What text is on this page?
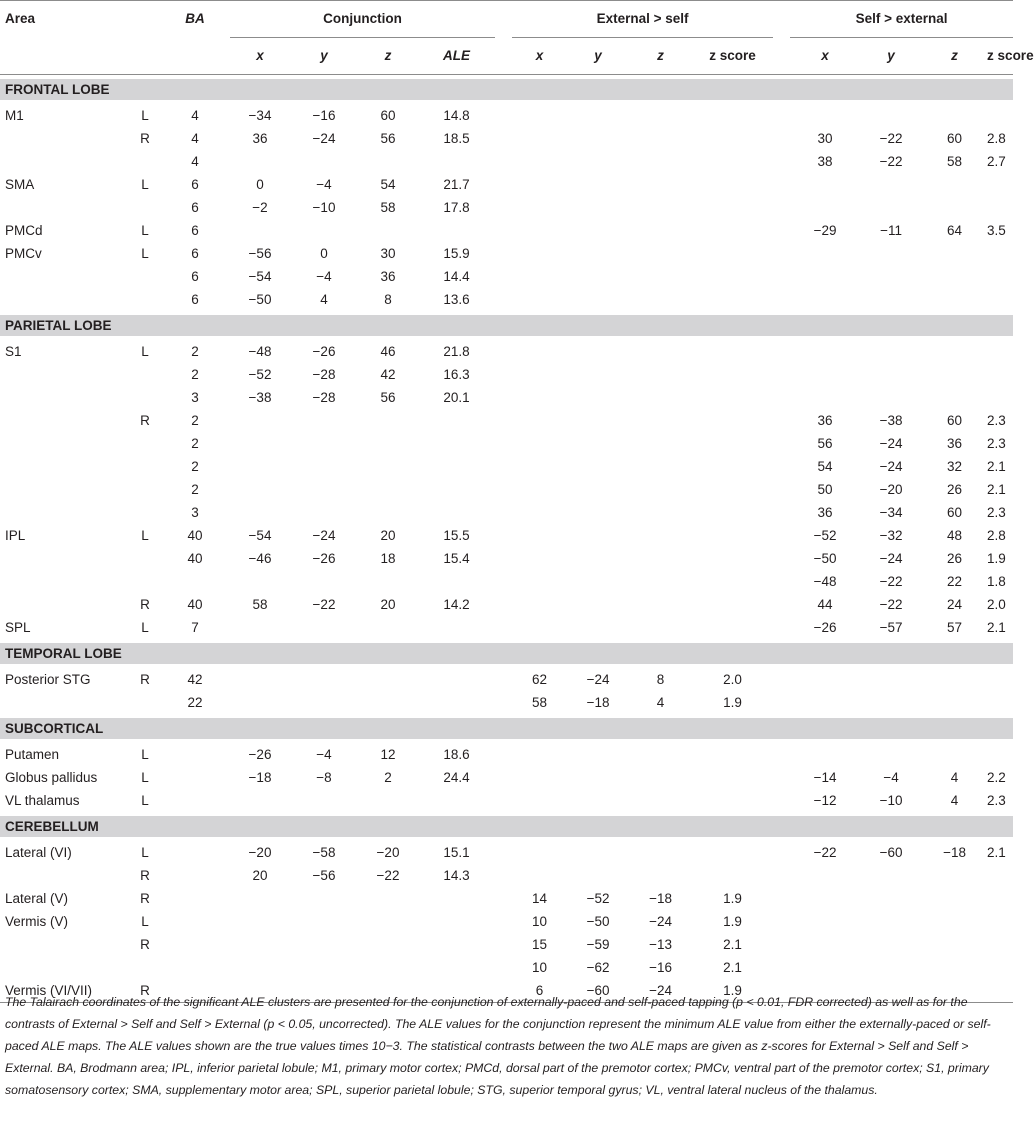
Area		BA	Conjunction					External > self					Self > external			
			x	y	z	ALE		x	y	z	z score		x	y	z	z score

FRONTAL LOBE																

M1	L	4	−34	−16	60	14.8										
	R	4	36	−24	56	18.5							30	−22	60	2.8
		4											38	−22	58	2.7
SMA	L	6	0	−4	54	21.7										
		6	−2	−10	58	17.8										
PMCd	L	6											−29	−11	64	3.5
PMCv	L	6	−56	0	30	15.9										
		6	−54	−4	36	14.4										
		6	−50	4	8	13.6										

PARIETAL LOBE																

S1	L	2	−48	−26	46	21.8										
		2	−52	−28	42	16.3										
		3	−38	−28	56	20.1										
	R	2											36	−38	60	2.3
		2											56	−24	36	2.3
		2											54	−24	32	2.1
		2											50	−20	26	2.1
		3											36	−34	60	2.3
IPL	L	40	−54	−24	20	15.5							−52	−32	48	2.8
		40	−46	−26	18	15.4							−50	−24	26	1.9
													−48	−22	22	1.8
	R	40	58	−22	20	14.2							44	−22	24	2.0
SPL	L	7											−26	−57	57	2.1

TEMPORAL LOBE																

Posterior STG	R	42						62	−24	8	2.0					
		22						58	−18	4	1.9					

SUBCORTICAL																

Putamen	L		−26	−4	12	18.6										
Globus pallidus	L		−18	−8	2	24.4							−14	−4	4	2.2
VL thalamus	L												−12	−10	4	2.3

CEREBELLUM																

Lateral (VI)	L		−20	−58	−20	15.1							−22	−60	−18	2.1
	R		20	−56	−22	14.3										
Lateral (V)	R							14	−52	−18	1.9					
Vermis (V)	L							10	−50	−24	1.9					
	R							15	−59	−13	2.1					
								10	−62	−16	2.1					
Vermis (VI/VII)	R							6	−60	−24	1.9					
The Talairach coordinates of the significant ALE clusters are presented for the conjunction of externally-paced and self-paced tapping (p < 0.01, FDR corrected) as well as for the contrasts of External > Self and Self > External (p < 0.05, uncorrected). The ALE values for the conjunction represent the minimum ALE value from either the externally-paced or self-paced ALE maps. The ALE values shown are the true values times 10−3. The statistical contrasts between the two ALE maps are given as z-scores for External > Self and Self > External. BA, Brodmann area; IPL, inferior parietal lobule; M1, primary motor cortex; PMCd, dorsal part of the premotor cortex; PMCv, ventral part of the premotor cortex; S1, primary somatosensory cortex; SMA, supplementary motor area; SPL, superior parietal lobule; STG, superior temporal gyrus; VL, ventral lateral nucleus of the thalamus.
